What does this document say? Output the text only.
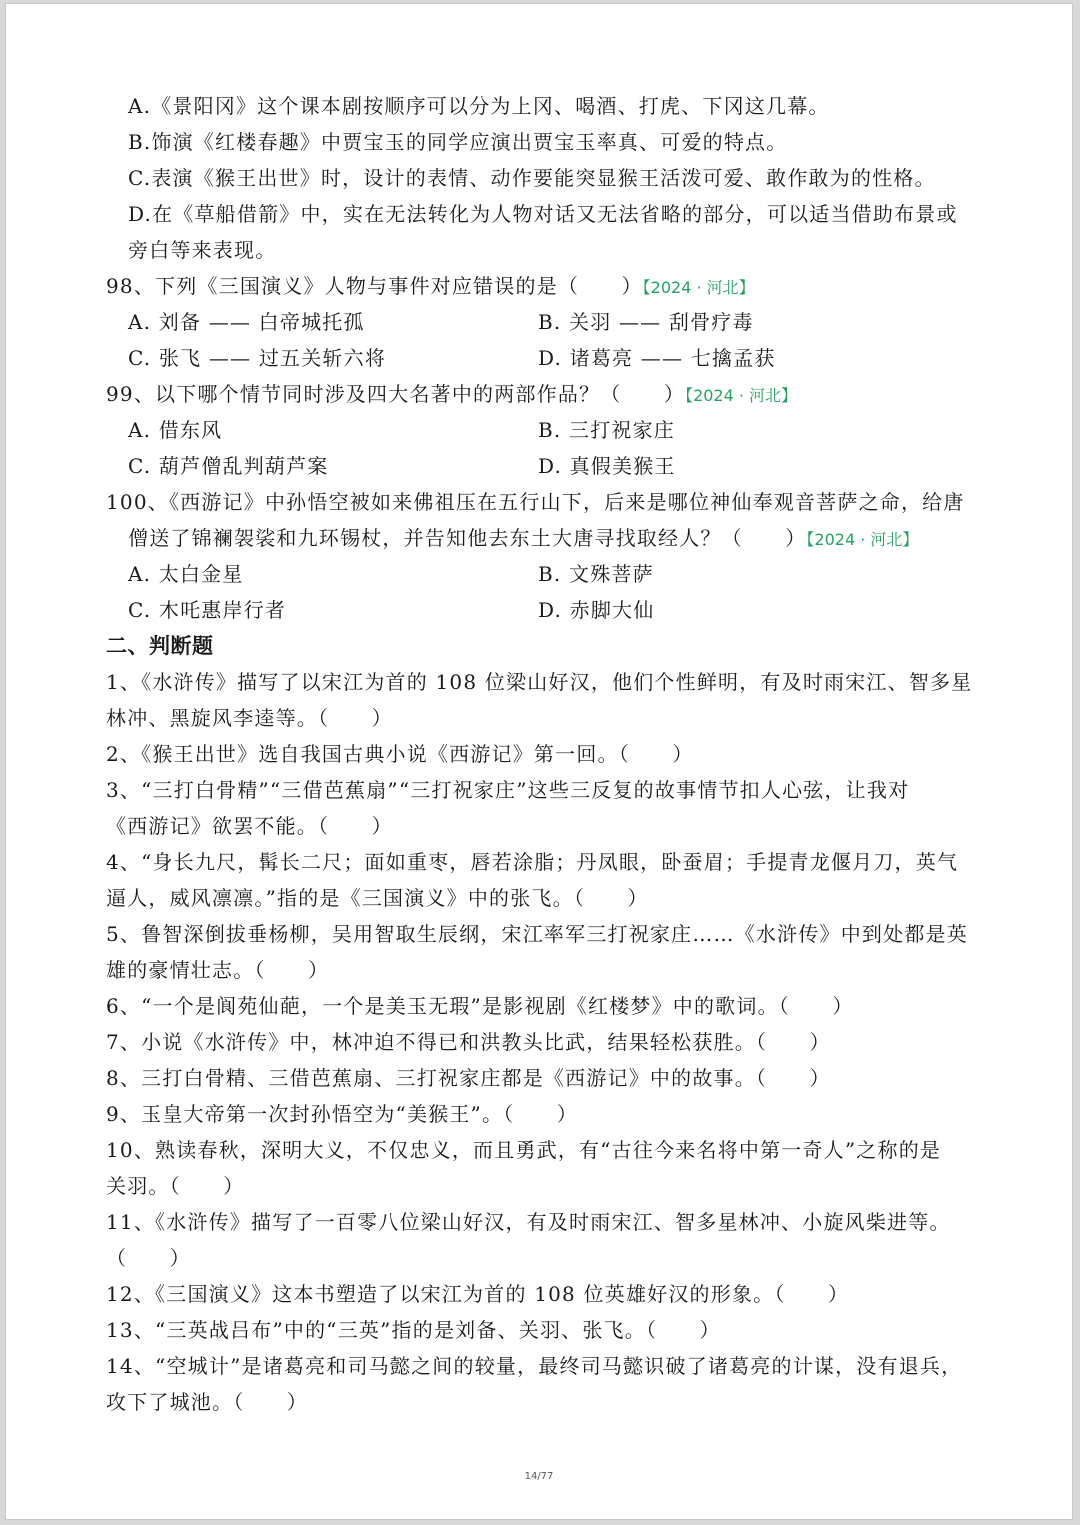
A.《景阳冈》这个课本剧按顺序可以分为上冈、喝酒、打虎、下冈这几幕。
B.饰演《红楼春趣》中贾宝玉的同学应演出贾宝玉率真、可爱的特点。
C.表演《猴王出世》时，设计的表情、动作要能突显猴王活泼可爱、敢作敢为的性格。
D.在《草船借箭》中，实在无法转化为人物对话又无法省略的部分，可以适当借助布景或
旁白等来表现。
98、下列《三国演义》人物与事件对应错误的是（　　）【2024 · 河北】
A. 刘备 —— 白帝城托孤	B. 关羽 —— 刮骨疗毒
C. 张飞 —— 过五关斩六将	D. 诸葛亮 —— 七擒孟获
99、以下哪个情节同时涉及四大名著中的两部作品？（　　）【2024 · 河北】
A. 借东风	B. 三打祝家庄
C. 葫芦僧乱判葫芦案	D. 真假美猴王
100、《西游记》中孙悟空被如来佛祖压在五行山下，后来是哪位神仙奉观音菩萨之命，给唐
僧送了锦襕袈裟和九环锡杖，并告知他去东土大唐寻找取经人？（　　）【2024 · 河北】
A. 太白金星	B. 文殊菩萨
C. 木吒惠岸行者	D. 赤脚大仙
二、判断题
1、《水浒传》描写了以宋江为首的 108 位梁山好汉，他们个性鲜明，有及时雨宋江、智多星
林冲、黑旋风李逵等。（　　）
2、《猴王出世》选自我国古典小说《西游记》第一回。（　　）
3、“三打白骨精”“三借芭蕉扇”“三打祝家庄”这些三反复的故事情节扣人心弦，让我对
《西游记》欲罢不能。（　　）
4、“身长九尺，髯长二尺；面如重枣，唇若涂脂；丹凤眼，卧蚕眉；手提青龙偃月刀，英气
逼人，威风凛凛。”指的是《三国演义》中的张飞。（　　）
5、鲁智深倒拔垂杨柳，吴用智取生辰纲，宋江率军三打祝家庄……《水浒传》中到处都是英
雄的豪情壮志。（　　）
6、“一个是阆苑仙葩，一个是美玉无瑕”是影视剧《红楼梦》中的歌词。（　　）
7、小说《水浒传》中，林冲迫不得已和洪教头比武，结果轻松获胜。（　　）
8、三打白骨精、三借芭蕉扇、三打祝家庄都是《西游记》中的故事。（　　）
9、玉皇大帝第一次封孙悟空为“美猴王”。（　　）
10、熟读春秋，深明大义，不仅忠义，而且勇武，有“古往今来名将中第一奇人”之称的是
关羽。（　　）
11、《水浒传》描写了一百零八位梁山好汉，有及时雨宋江、智多星林冲、小旋风柴进等。
（　　）
12、《三国演义》这本书塑造了以宋江为首的 108 位英雄好汉的形象。（　　）
13、“三英战吕布”中的“三英”指的是刘备、关羽、张飞。（　　）
14、“空城计”是诸葛亮和司马懿之间的较量，最终司马懿识破了诸葛亮的计谋，没有退兵，
攻下了城池。（　　）
14/77
